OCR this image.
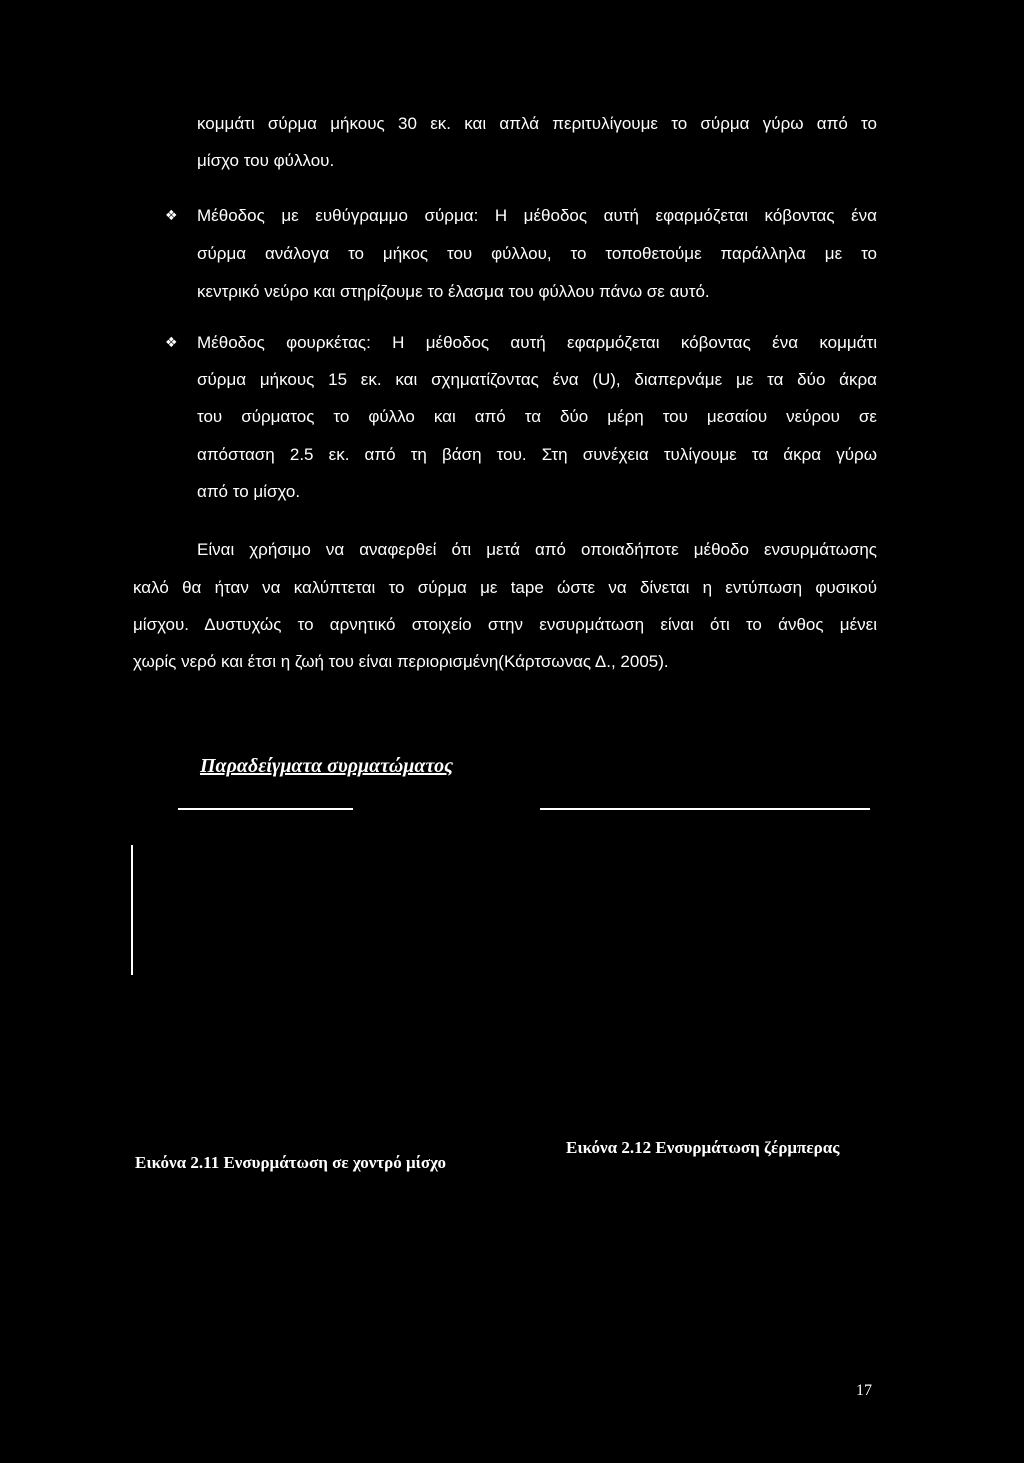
κομμάτι σύρμα μήκους 30 εκ. και απλά περιτυλίγουμε το σύρμα γύρω από το
μίσχο του φύλλου.
❖ Μέθοδος με ευθύγραμμο σύρμα: Η μέθοδος αυτή εφαρμόζεται κόβοντας ένα
σύρμα ανάλογα το μήκος του φύλλου, το τοποθετούμε παράλληλα με το
κεντρικό νεύρο και στηρίζουμε το έλασμα του φύλλου πάνω σε αυτό.
❖ Μέθοδος φουρκέτας: Η μέθοδος αυτή εφαρμόζεται κόβοντας ένα κομμάτι
σύρμα μήκους 15 εκ. και σχηματίζοντας ένα (U), διαπερνάμε με τα δύο άκρα
του σύρματος το φύλλο και από τα δύο μέρη του μεσαίου νεύρου σε
απόσταση 2.5 εκ. από τη βάση του. Στη συνέχεια τυλίγουμε τα άκρα γύρω
από το μίσχο.
Είναι χρήσιμο να αναφερθεί ότι μετά από οποιαδήποτε μέθοδο ενσυρμάτωσης
καλό θα ήταν να καλύπτεται το σύρμα με tape ώστε να δίνεται η εντύπωση φυσικού
μίσχου. Δυστυχώς το αρνητικό στοιχείο στην ενσυρμάτωση είναι ότι το άνθος μένει
χωρίς νερό και έτσι η ζωή του είναι περιορισμένη(Κάρτσωνας Δ., 2005).
Παραδείγματα συρματώματος
Εικόνα 2.11 Ενσυρμάτωση σε χοντρό μίσχο
Εικόνα 2.12 Ενσυρμάτωση ζέρμπερας
17
